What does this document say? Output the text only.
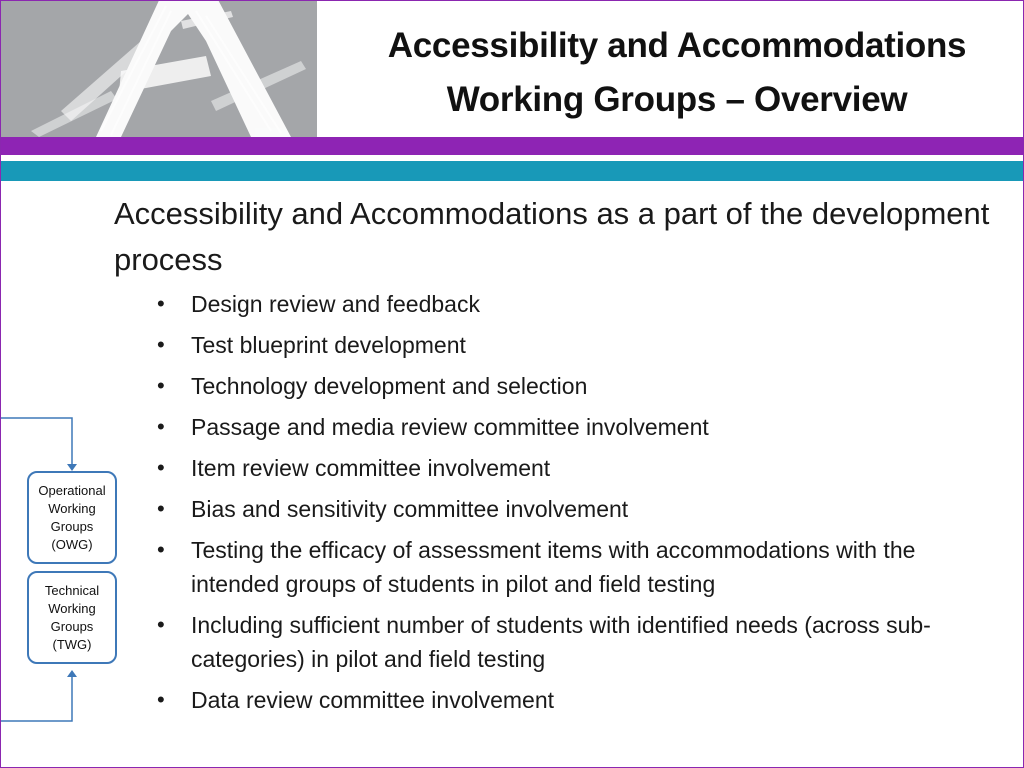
Accessibility and Accommodations
Working Groups – Overview
Accessibility and Accommodations as a part of the development process
• Design review and feedback
• Test blueprint development
• Technology development and selection
• Passage and media review committee involvement
• Item review committee involvement
• Bias and sensitivity committee involvement
• Testing the efficacy of assessment items with accommodations with the intended groups of students in pilot and field testing
• Including sufficient number of students with identified needs (across sub-categories) in pilot and field testing
• Data review committee involvement
Operational
Working
Groups
(OWG)
Technical
Working
Groups
(TWG)
